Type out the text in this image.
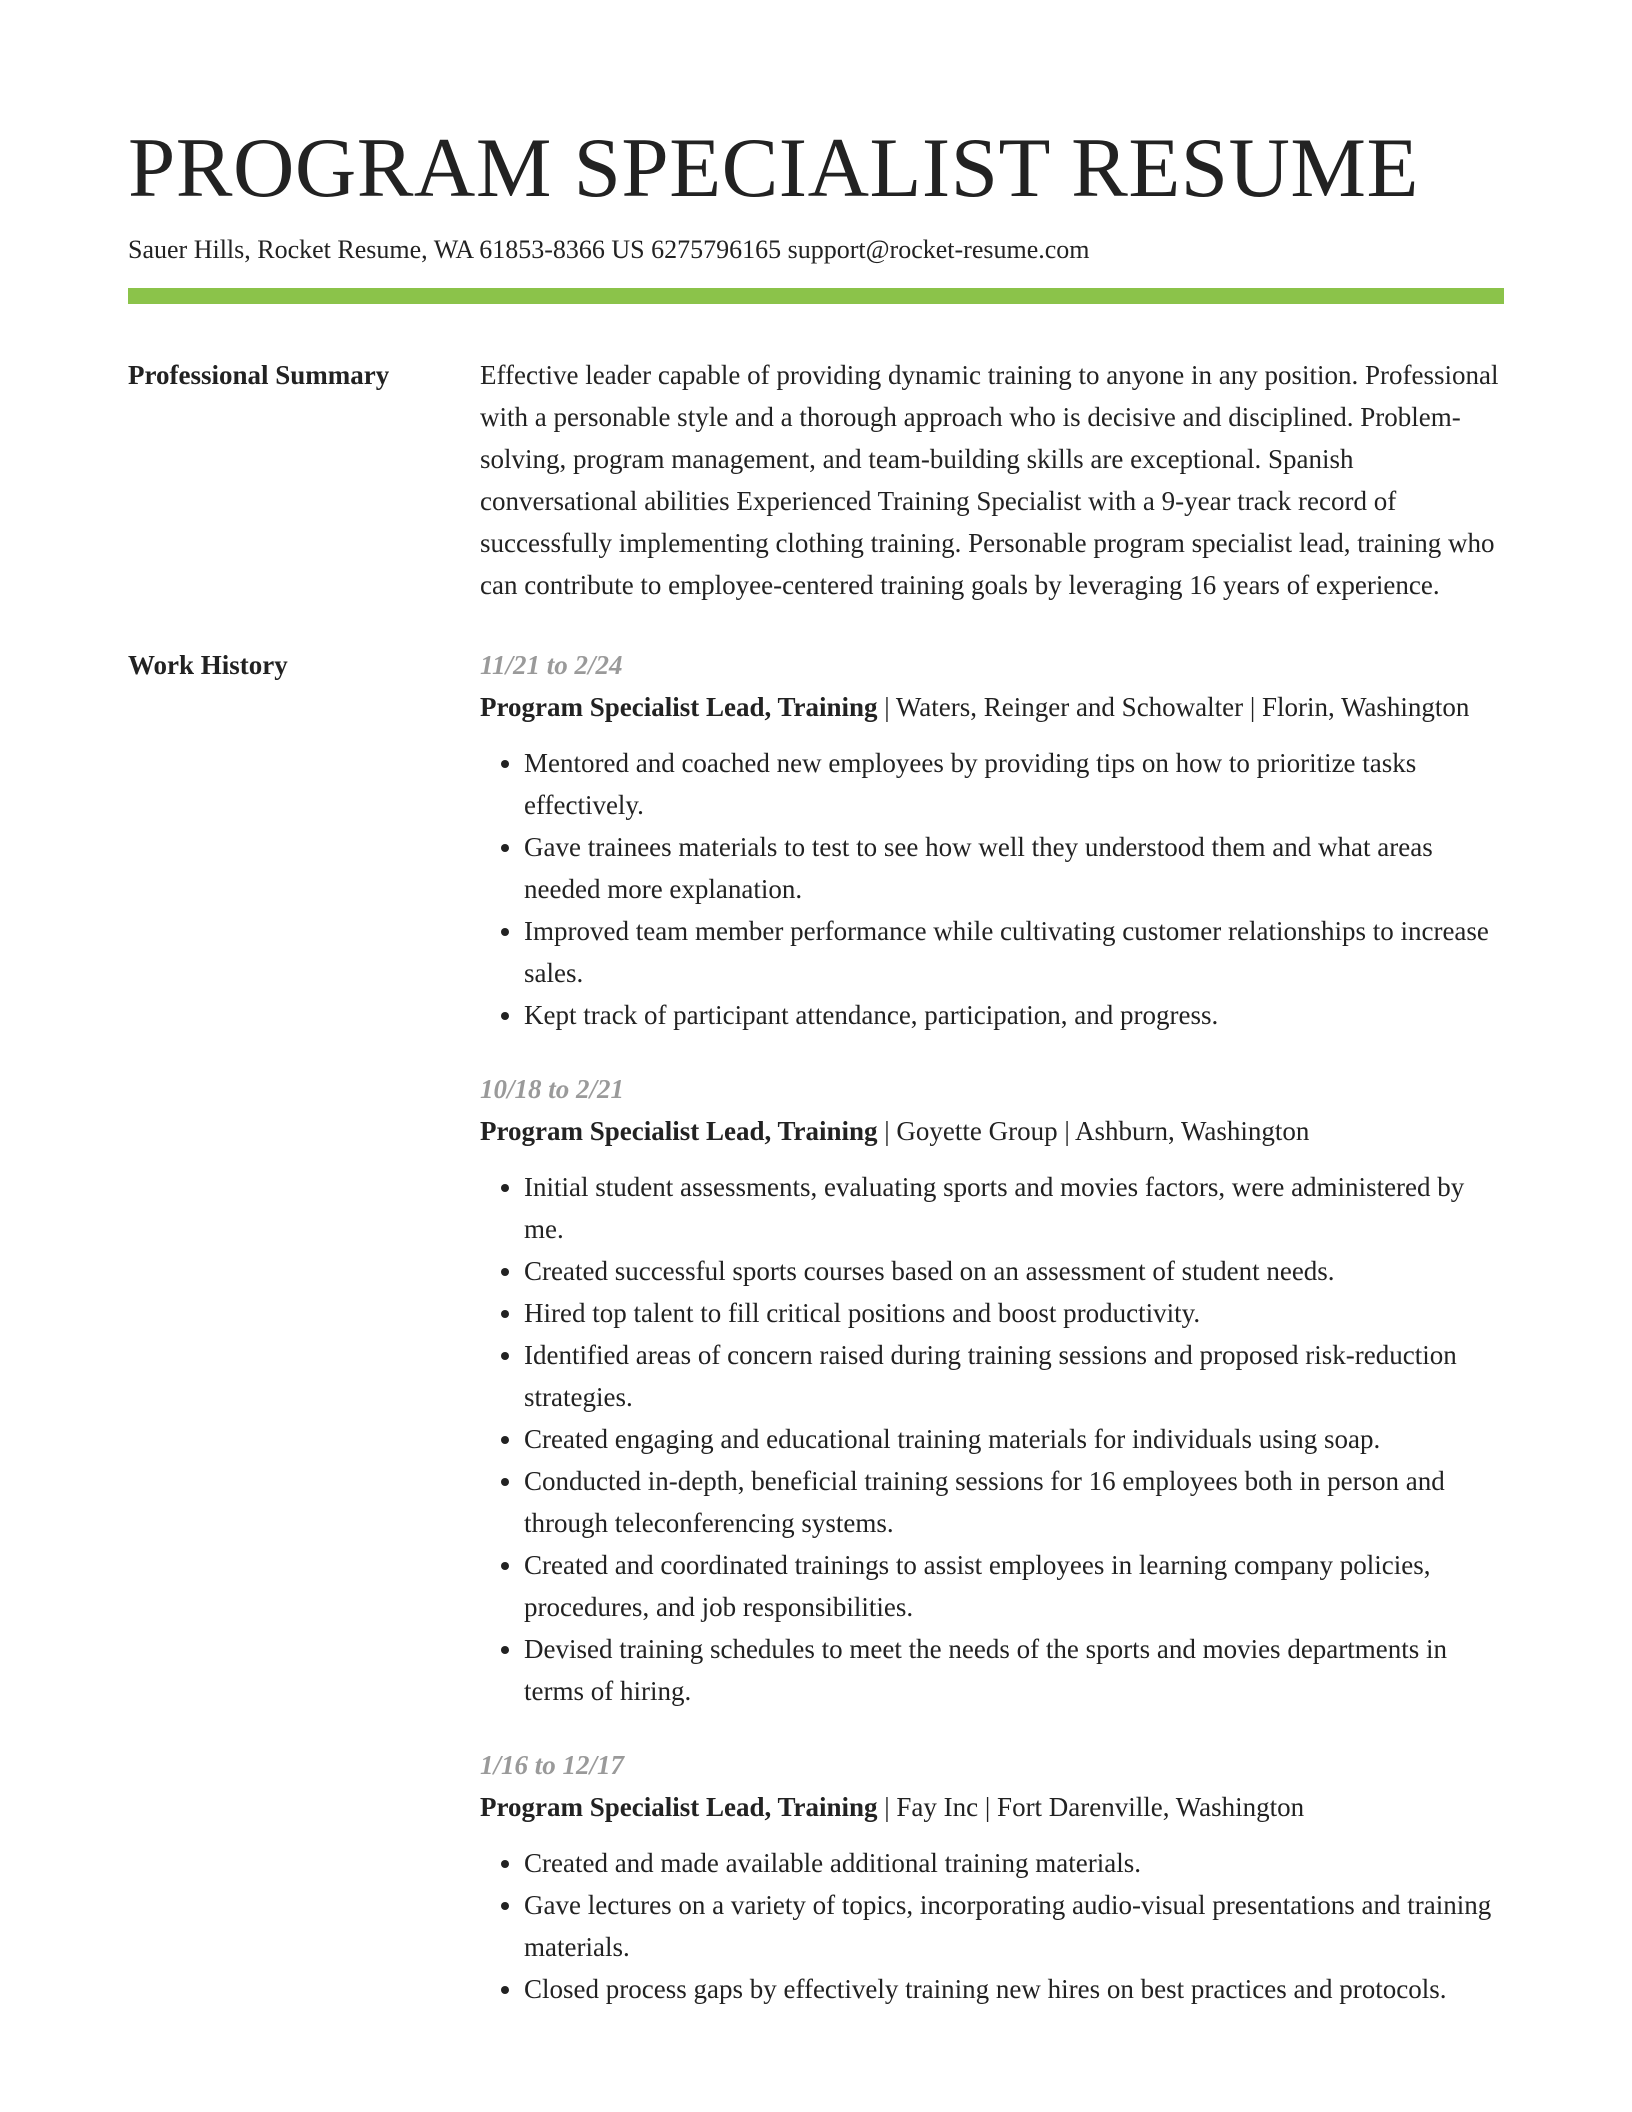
PROGRAM SPECIALIST RESUME
Sauer Hills, Rocket Resume, WA 61853-8366 US 6275796165 support@rocket-resume.com
Professional Summary	Effective leader capable of providing dynamic training to anyone in any position. Professional with a personable style and a thorough approach who is decisive and disciplined. Problem-solving, program management, and team-building skills are exceptional. Spanish conversational abilities Experienced Training Specialist with a 9-year track record of successfully implementing clothing training. Personable program specialist lead, training who can contribute to employee-centered training goals by leveraging 16 years of experience.

Work History	11/21 to 2/24

Program Specialist Lead, Training | Waters, Reinger and Schowalter | Florin, Washington

• Mentored and coached new employees by providing tips on how to prioritize tasks effectively.
• Gave trainees materials to test to see how well they understood them and what areas needed more explanation.
• Improved team member performance while cultivating customer relationships to increase sales.
• Kept track of participant attendance, participation, and progress.
10/18 to 2/21

Program Specialist Lead, Training | Goyette Group | Ashburn, Washington

• Initial student assessments, evaluating sports and movies factors, were administered by me.
• Created successful sports courses based on an assessment of student needs.
• Hired top talent to fill critical positions and boost productivity.
• Identified areas of concern raised during training sessions and proposed risk-reduction strategies.
• Created engaging and educational training materials for individuals using soap.
• Conducted in-depth, beneficial training sessions for 16 employees both in person and through teleconferencing systems.
• Created and coordinated trainings to assist employees in learning company policies, procedures, and job responsibilities.
• Devised training schedules to meet the needs of the sports and movies departments in terms of hiring.
1/16 to 12/17

Program Specialist Lead, Training | Fay Inc | Fort Darenville, Washington

• Created and made available additional training materials.
• Gave lectures on a variety of topics, incorporating audio-visual presentations and training materials.
• Closed process gaps by effectively training new hires on best practices and protocols.
